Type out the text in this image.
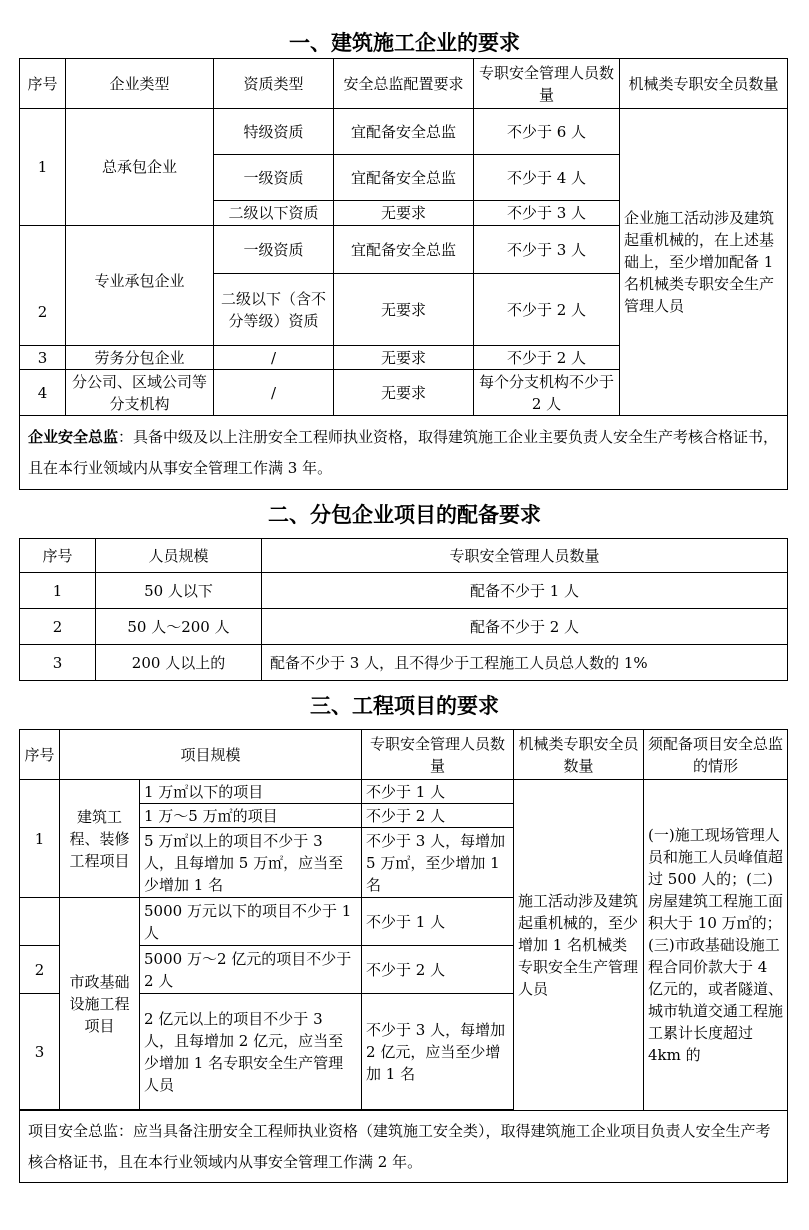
一、建筑施工企业的要求
序号	企业类型	资质类型	安全总监配置要求	专职安全管理人员数量	机械类专职安全员数量
1	总承包企业	特级资质	宜配备安全总监	不少于 6 人	企业施工活动涉及建筑起重机械的，在上述基础上，至少增加配备 1 名机械类专职安全生产管理人员
		一级资质	宜配备安全总监	不少于 4 人	
		二级以下资质	无要求	不少于 3 人	
2	专业承包企业	一级资质	宜配备安全总监	不少于 3 人	
		二级以下（含不分等级）资质	无要求	不少于 2 人	
3	劳务分包企业	/	无要求	不少于 2 人	
4	分公司、区域公司等分支机构	/	无要求	每个分支机构不少于 2 人	
企业安全总监：具备中级及以上注册安全工程师执业资格，取得建筑施工企业主要负责人安全生产考核合格证书，且在本行业领域内从事安全管理工作满 3 年。					
二、分包企业项目的配备要求
序号	人员规模	专职安全管理人员数量
1	50 人以下	配备不少于 1 人
2	50 人～200 人	配备不少于 2 人
3	200 人以上的	配备不少于 3 人，且不得少于工程施工人员总人数的 1%
三、工程项目的要求
序号	项目规模		专职安全管理人员数量	机械类专职安全员数量	须配备项目安全总监的情形
1	建筑工程、装修工程项目	1 万㎡以下的项目	不少于 1 人	施工活动涉及建筑起重机械的，至少增加 1 名机械类专职安全生产管理人员	(一)施工现场管理人员和施工人员峰值超过 500 人的；(二)房屋建筑工程施工面积大于 10 万㎡的；(三)市政基础设施工程合同价款大于 4 亿元的，或者隧道、城市轨道交通工程施工累计长度超过 4km 的
		1 万～5 万㎡的项目	不少于 2 人		
		5 万㎡以上的项目不少于 3 人，且每增加 5 万㎡，应当至少增加 1 名	不少于 3 人，每增加 5 万㎡，至少增加 1 名		
	市政基础设施工程项目	5000 万元以下的项目不少于 1 人	不少于 1 人		
2		5000 万～2 亿元的项目不少于 2 人	不少于 2 人		
3		2 亿元以上的项目不少于 3 人，且每增加 2 亿元，应当至少增加 1 名专职安全生产管理人员	不少于 3 人，每增加 2 亿元，应当至少增加 1 名		

项目安全总监：应当具备注册安全工程师执业资格（建筑施工安全类），取得建筑施工企业项目负责人安全生产考核合格证书，且在本行业领域内从事安全管理工作满 2 年。					
